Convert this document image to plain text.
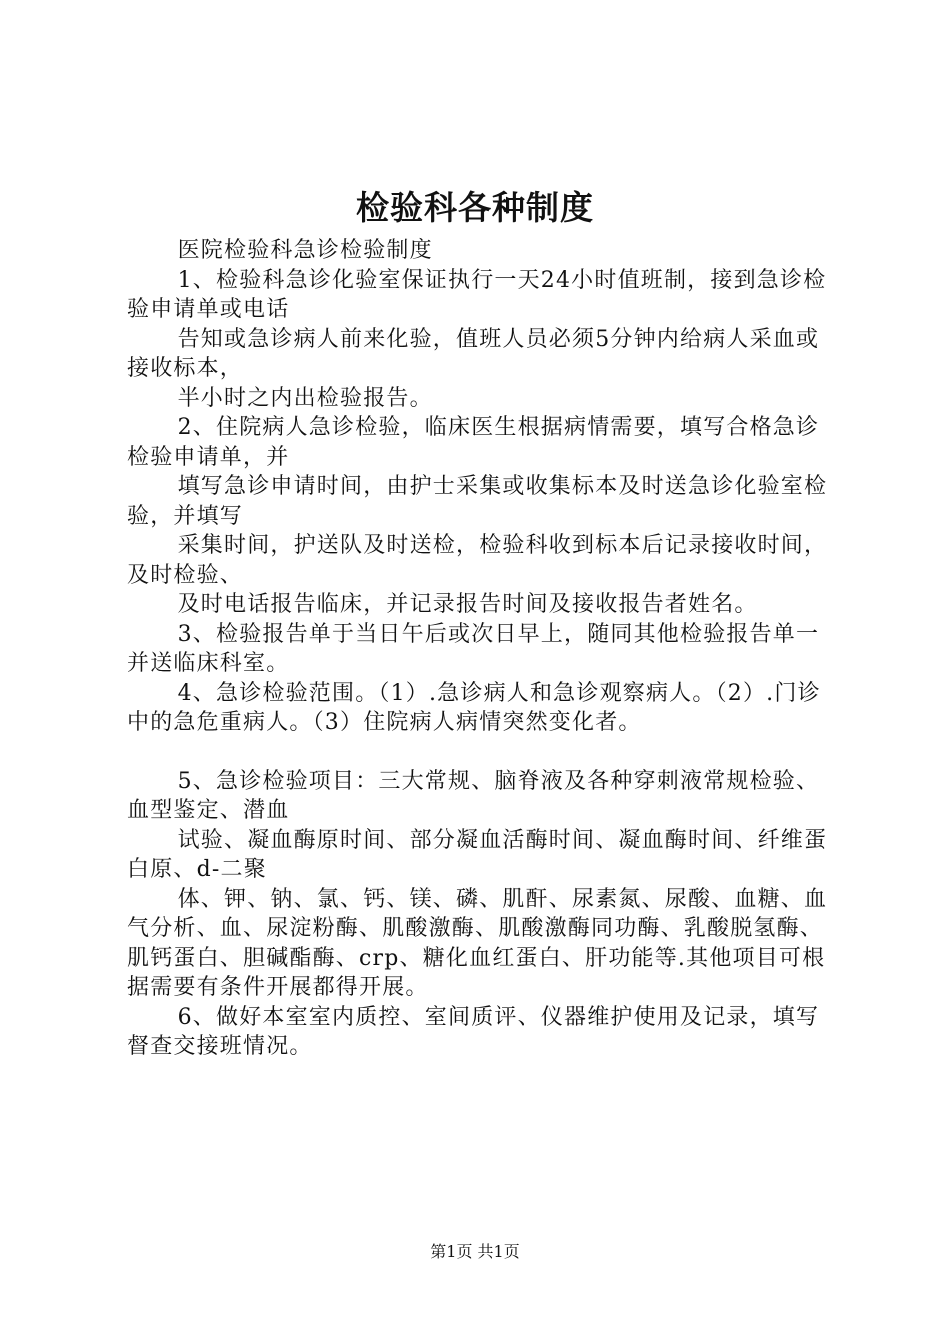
检验科各种制度

医院检验科急诊检验制度

1、检验科急诊化验室保证执行一天24小时值班制，接到急诊检验申请单或电话

告知或急诊病人前来化验，值班人员必须5分钟内给病人采血或接收标本，

半小时之内出检验报告。

2、住院病人急诊检验，临床医生根据病情需要，填写合格急诊检验申请单，并

填写急诊申请时间，由护士采集或收集标本及时送急诊化验室检验，并填写

采集时间，护送队及时送检，检验科收到标本后记录接收时间，及时检验、

及时电话报告临床，并记录报告时间及接收报告者姓名。

3、检验报告单于当日午后或次日早上，随同其他检验报告单一并送临床科室。

4、急诊检验范围。（1）.急诊病人和急诊观察病人。（2）.门诊中的急危重病人。（3）住院病人病情突然变化者。

5、急诊检验项目：三大常规、脑脊液及各种穿刺液常规检验、血型鉴定、潜血

试验、凝血酶原时间、部分凝血活酶时间、凝血酶时间、纤维蛋白原、d-二聚

体、钾、钠、氯、钙、镁、磷、肌酐、尿素氮、尿酸、血糖、血气分析、血、尿淀粉酶、肌酸激酶、肌酸激酶同功酶、乳酸脱氢酶、肌钙蛋白、胆碱酯酶、crp、糖化血红蛋白、肝功能等.其他项目可根据需要有条件开展都得开展。

6、做好本室室内质控、室间质评、仪器维护使用及记录，填写督查交接班情况。

第1页 共1页
